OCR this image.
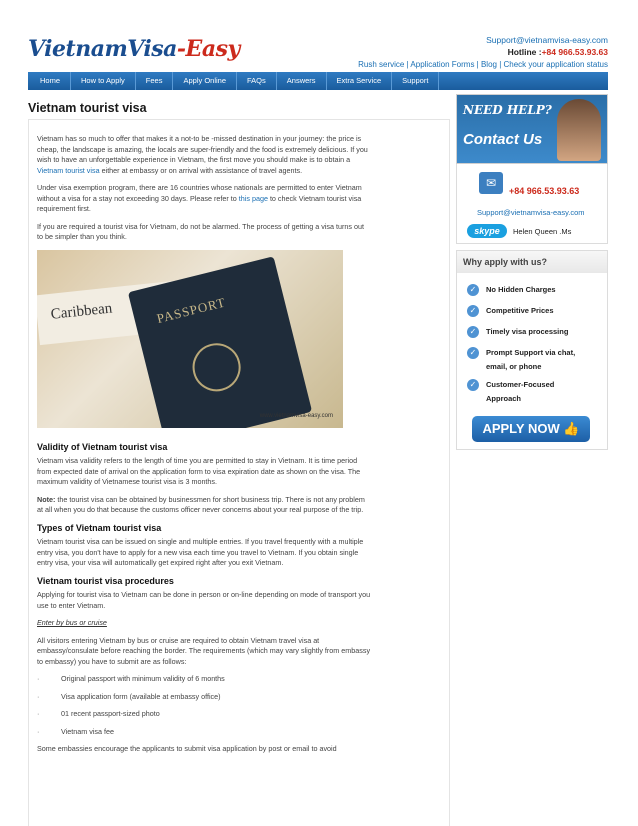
VietnamVisa-Easy	Support@vietnamvisa-easy.com
Hotline :+84 966.53.93.63
Rush service | Application Forms | Blog | Check your application status
Home	How to Apply	Fees	Apply Online	FAQs	Answers	Extra Service	Support
Vietnam tourist visa

Vietnam has so much to offer that makes it a not-to be -missed destination in your journey: the price is cheap, the landscape is amazing, the locals are super-friendly and the food is extremely delicious. If you wish to have an unforgettable experience in Vietnam, the first move you should make is to obtain a Vietnam tourist visa either at embassy or on arrival with assistance of travel agents.

Under visa exemption program, there are 16 countries whose nationals are permitted to enter Vietnam without a visa for a stay not exceeding 30 days. Please refer to this page to check Vietnam tourist visa requirement first.

If you are required a tourist visa for Vietnam, do not be alarmed. The process of getting a visa turns out to be simpler than you think.

Caribbean	PASSPORT
www.vietnamvisa-easy.com
Validity of Vietnam tourist visa

Vietnam visa validity refers to the length of time you are permitted to stay in Vietnam. It is time period from expected date of arrival on the application form to visa expiration date as shown on the visa. The maximum validity of Vietnamese tourist visa is 3 months.

Note: the tourist visa can be obtained by businessmen for short business trip. There is not any problem at all when you do that because the customs officer never concerns about your real purpose of the trip.

Types of Vietnam tourist visa

Vietnam tourist visa can be issued on single and multiple entries. If you travel frequently with a multiple entry visa, you don't have to apply for a new visa each time you travel to Vietnam. If you obtain single entry visa, your visa will automatically get expired right after you exit Vietnam.

Vietnam tourist visa procedures

Applying for tourist visa to Vietnam can be done in person or on-line depending on mode of transport you use to enter Vietnam.

Enter by bus or cruise

All visitors entering Vietnam by bus or cruise are required to obtain Vietnam travel visa at embassy/consulate before reaching the border. The requirements (which may vary slightly from embassy to embassy) you have to submit are as follows:

·	Original passport with minimum validity of 6 months
·	Visa application form (available at embassy office)
·	01 recent passport-sized photo
·	Vietnam visa fee

Some embassies encourage the applicants to submit visa application by post or email to avoid

NEED HELP?
Contact Us
✉
+84 966.53.93.63
Support@vietnamvisa-easy.com
skype	Helen Queen .Ms
Why apply with us?
✓	No Hidden Charges
✓	Competitive Prices
✓	Timely visa processing
✓	Prompt Support via chat, email, or phone
✓	Customer-Focused Approach
APPLY NOW 👍
